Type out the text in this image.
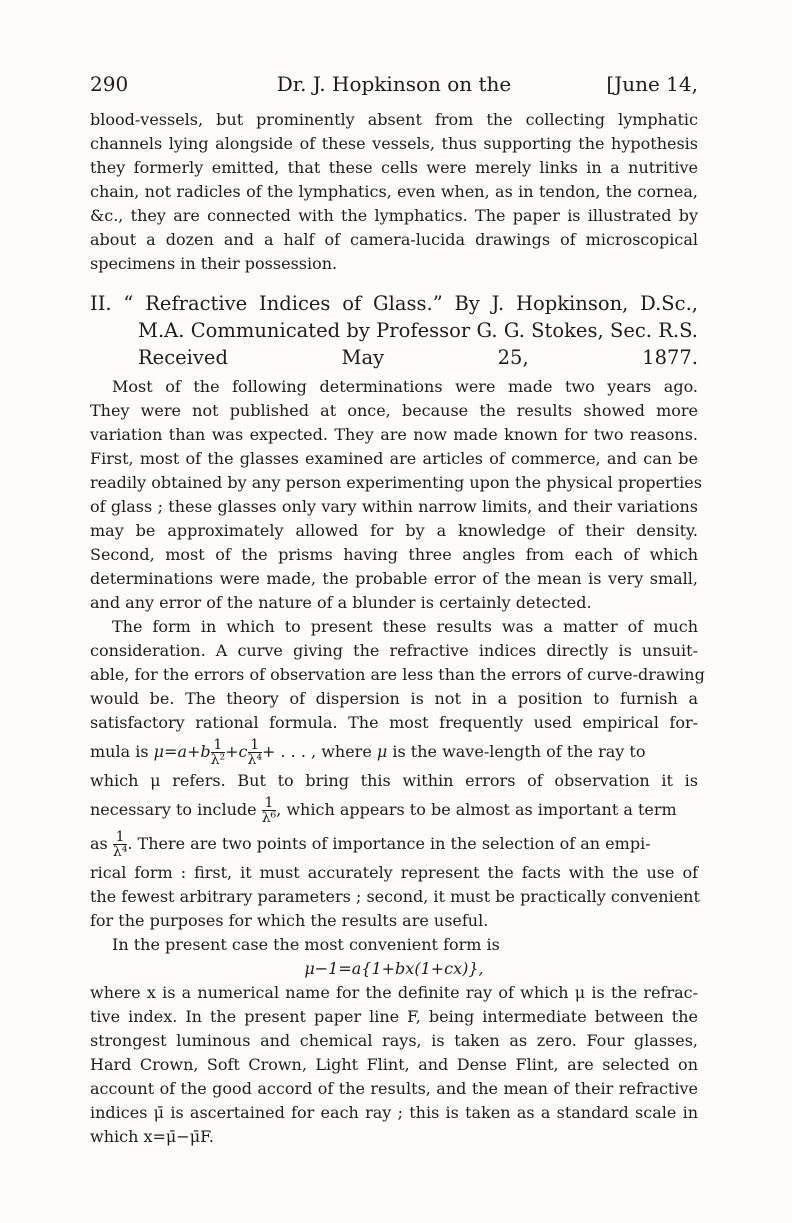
290	Dr. J. Hopkinson on the	[June 14,
blood-vessels, but prominently absent from the collecting lymphatic
channels lying alongside of these vessels, thus supporting the hypothesis
they formerly emitted, that these cells were merely links in a nutritive
chain, not radicles of the lymphatics, even when, as in tendon, the cornea,
&c., they are connected with the lymphatics. The paper is illustrated by
about a dozen and a half of camera-lucida drawings of microscopical
specimens in their possession.
II. “ Refractive Indices of Glass.” By J. Hopkinson, D.Sc.,
M.A. Communicated by Professor G. G. Stokes, Sec. R.S.
Received May 25, 1877.
Most of the following determinations were made two years ago.
They were not published at once, because the results showed more
variation than was expected. They are now made known for two reasons.
First, most of the glasses examined are articles of commerce, and can be
readily obtained by any person experimenting upon the physical properties
of glass ; these glasses only vary within narrow limits, and their variations
may be approximately allowed for by a knowledge of their density.
Second, most of the prisms having three angles from each of which
determinations were made, the probable error of the mean is very small,
and any error of the nature of a blunder is certainly detected.
The form in which to present these results was a matter of much
consideration. A curve giving the refractive indices directly is unsuit-
able, for the errors of observation are less than the errors of curve-drawing
would be. The theory of dispersion is not in a position to furnish a
satisfactory rational formula. The most frequently used empirical for-
mula is $\mu=a+b \frac{1}{\text{λ²}} +c \frac{1}{\text{λ⁴}}$ + . . . , where μ is the wave-length of the ray to
which μ refers. But to bring this within errors of observation it is
necessary to include $\frac{1}{\text{λ⁶}}$ , which appears to be almost as important a term
as $\frac{1}{\text{λ⁴}}$ . There are two points of importance in the selection of an empi-
rical form : first, it must accurately represent the facts with the use of
the fewest arbitrary parameters ; second, it must be practically convenient
for the purposes for which the results are useful.
In the present case the most convenient form is
μ−1=a{1+bx(1+cx)},
where x is a numerical name for the definite ray of which μ is the refrac-
tive index. In the present paper line F, being intermediate between the
strongest luminous and chemical rays, is taken as zero. Four glasses,
Hard Crown, Soft Crown, Light Flint, and Dense Flint, are selected on
account of the good accord of the results, and the mean of their refractive
indices μ̄ is ascertained for each ray ; this is taken as a standard scale in
which x=μ̄−μ̄F.
